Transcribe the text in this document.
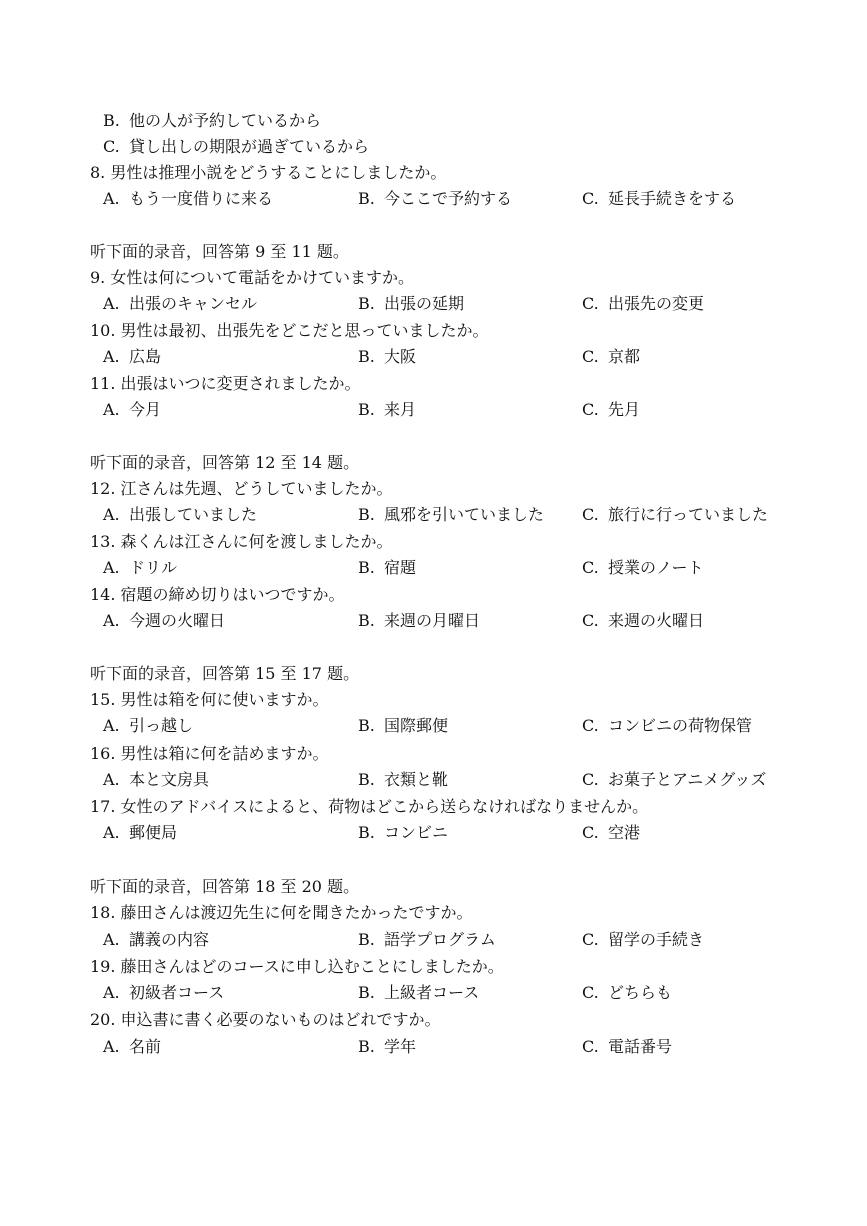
B. 他の人が予約しているから
C. 貸し出しの期限が過ぎているから
8. 男性は推理小説をどうすることにしましたか。
A. もう一度借りに来る	B. 今ここで予約する	C. 延長手続きをする
听下面的录音，回答第 9 至 11 题。
9. 女性は何について電話をかけていますか。
A. 出張のキャンセル	B. 出張の延期	C. 出張先の変更
10. 男性は最初、出張先をどこだと思っていましたか。
A. 広島	B. 大阪	C. 京都
11. 出張はいつに変更されましたか。
A. 今月	B. 来月	C. 先月
听下面的录音，回答第 12 至 14 题。
12. 江さんは先週、どうしていましたか。
A. 出張していました	B. 風邪を引いていました C. 旅行に行っていました
13. 森くんは江さんに何を渡しましたか。
A. ドリル	B. 宿題	C. 授業のノート
14. 宿題の締め切りはいつですか。
A. 今週の火曜日	B. 来週の月曜日	C. 来週の火曜日
听下面的录音，回答第 15 至 17 题。
15. 男性は箱を何に使いますか。
A. 引っ越し	B. 国際郵便	C. コンビニの荷物保管
16. 男性は箱に何を詰めますか。
A. 本と文房具	B. 衣類と靴	C. お菓子とアニメグッズ
17. 女性のアドバイスによると、荷物はどこから送らなければなりませんか。
A. 郵便局	B. コンビニ	C. 空港
听下面的录音，回答第 18 至 20 题。
18. 藤田さんは渡辺先生に何を聞きたかったですか。
A. 講義の内容	B. 語学プログラム	C. 留学の手続き
19. 藤田さんはどのコースに申し込むことにしましたか。
A. 初級者コース	B. 上級者コース	C. どちらも
20. 申込書に書く必要のないものはどれですか。
A. 名前	B. 学年	C. 電話番号
